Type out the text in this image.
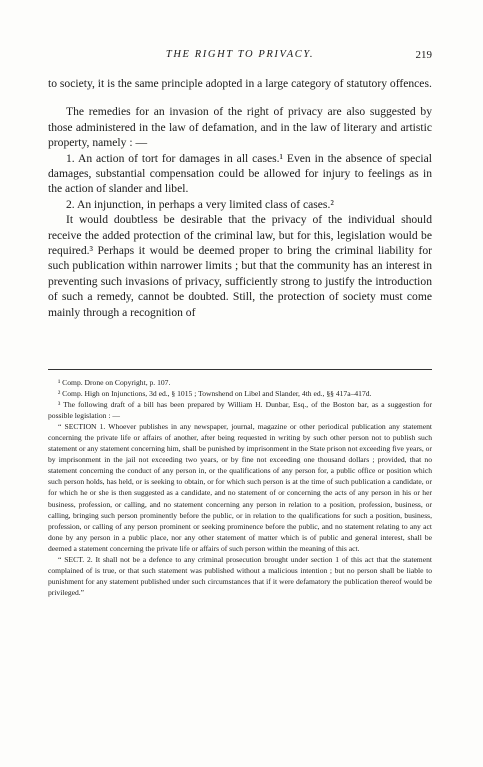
THE RIGHT TO PRIVACY.	219

to society, it is the same principle adopted in a large category of statutory offences.

The remedies for an invasion of the right of privacy are also suggested by those administered in the law of defamation, and in the law of literary and artistic property, namely : —

1. An action of tort for damages in all cases.¹ Even in the absence of special damages, substantial compensation could be allowed for injury to feelings as in the action of slander and libel.

2. An injunction, in perhaps a very limited class of cases.²

It would doubtless be desirable that the privacy of the individual should receive the added protection of the criminal law, but for this, legislation would be required.³ Perhaps it would be deemed proper to bring the criminal liability for such publication within narrower limits ; but that the community has an interest in preventing such invasions of privacy, sufficiently strong to justify the introduction of such a remedy, cannot be doubted. Still, the protection of society must come mainly through a recognition of

¹ Comp. Drone on Copyright, p. 107.

² Comp. High on Injunctions, 3d ed., § 1015 ; Townshend on Libel and Slander, 4th ed., §§ 417a–417d.

³ The following draft of a bill has been prepared by William H. Dunbar, Esq., of the Boston bar, as a suggestion for possible legislation : —

“ SECTION 1. Whoever publishes in any newspaper, journal, magazine or other periodical publication any statement concerning the private life or affairs of another, after being requested in writing by such other person not to publish such statement or any statement concerning him, shall be punished by imprisonment in the State prison not exceeding five years, or by imprisonment in the jail not exceeding two years, or by fine not exceeding one thousand dollars ; provided, that no statement concerning the conduct of any person in, or the qualifications of any person for, a public office or position which such person holds, has held, or is seeking to obtain, or for which such person is at the time of such publication a candidate, or for which he or she is then suggested as a candidate, and no statement of or concerning the acts of any person in his or her business, profession, or calling, and no statement concerning any person in relation to a position, profession, business, or calling, bringing such person prominently before the public, or in relation to the qualifications for such a position, business, profession, or calling of any person prominent or seeking prominence before the public, and no statement relating to any act done by any person in a public place, nor any other statement of matter which is of public and general interest, shall be deemed a statement concerning the private life or affairs of such person within the meaning of this act.

“ SECT. 2. It shall not be a defence to any criminal prosecution brought under section 1 of this act that the statement complained of is true, or that such statement was published without a malicious intention ; but no person shall be liable to punishment for any statement published under such circumstances that if it were defamatory the publication thereof would be privileged.”
